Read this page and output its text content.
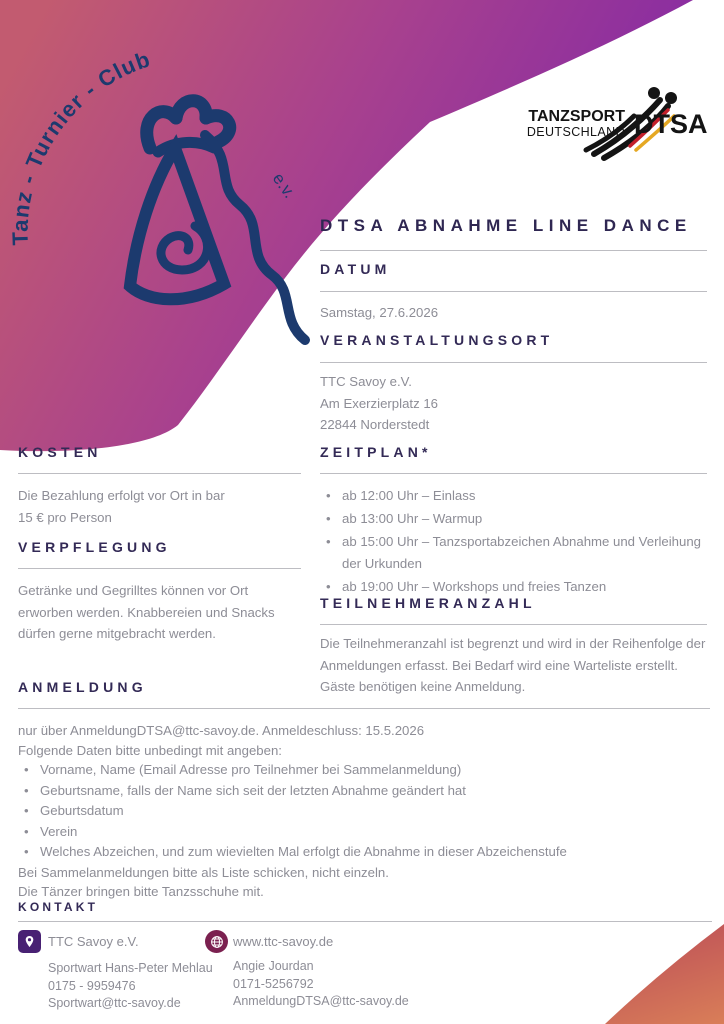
Tanz - Turnier - Club
e.v.
TANZSPORT
DEUTSCHLAND DTSA
DTSA ABNAHME LINE DANCE
DATUM
Samstag, 27.6.2026
VERANSTALTUNGSORT
TTC Savoy e.V.
Am Exerzierplatz 16
22844 Norderstedt
ZEITPLAN*
• ab 12:00 Uhr – Einlass
• ab 13:00 Uhr – Warmup
• ab 15:00 Uhr – Tanzsportabzeichen Abnahme und Verleihung der Urkunden
• ab 19:00 Uhr – Workshops und freies Tanzen
TEILNEHMERANZAHL
Die Teilnehmeranzahl ist begrenzt und wird in der Reihenfolge der Anmeldungen erfasst. Bei Bedarf wird eine Warteliste erstellt. Gäste benötigen keine Anmeldung.
KOSTEN
Die Bezahlung erfolgt vor Ort in bar
15 € pro Person
VERPFLEGUNG
Getränke und Gegrilltes können vor Ort erworben werden. Knabbereien und Snacks dürfen gerne mitgebracht werden.
ANMELDUNG
nur über AnmeldungDTSA@ttc-savoy.de. Anmeldeschluss: 15.5.2026
Folgende Daten bitte unbedingt mit angeben:
• Vorname, Name (Email Adresse pro Teilnehmer bei Sammelanmeldung)
• Geburtsname, falls der Name sich seit der letzten Abnahme geändert hat
• Geburtsdatum
• Verein
• Welches Abzeichen, und zum wievielten Mal erfolgt die Abnahme in dieser Abzeichenstufe
Bei Sammelanmeldungen bitte als Liste schicken, nicht einzeln.
Die Tänzer bringen bitte Tanzsschuhe mit.
KONTAKT
TTC Savoy e.V.
Sportwart Hans-Peter Mehlau
0175 - 9959476
Sportwart@ttc-savoy.de
www.ttc-savoy.de
Angie Jourdan
0171-5256792
AnmeldungDTSA@ttc-savoy.de
